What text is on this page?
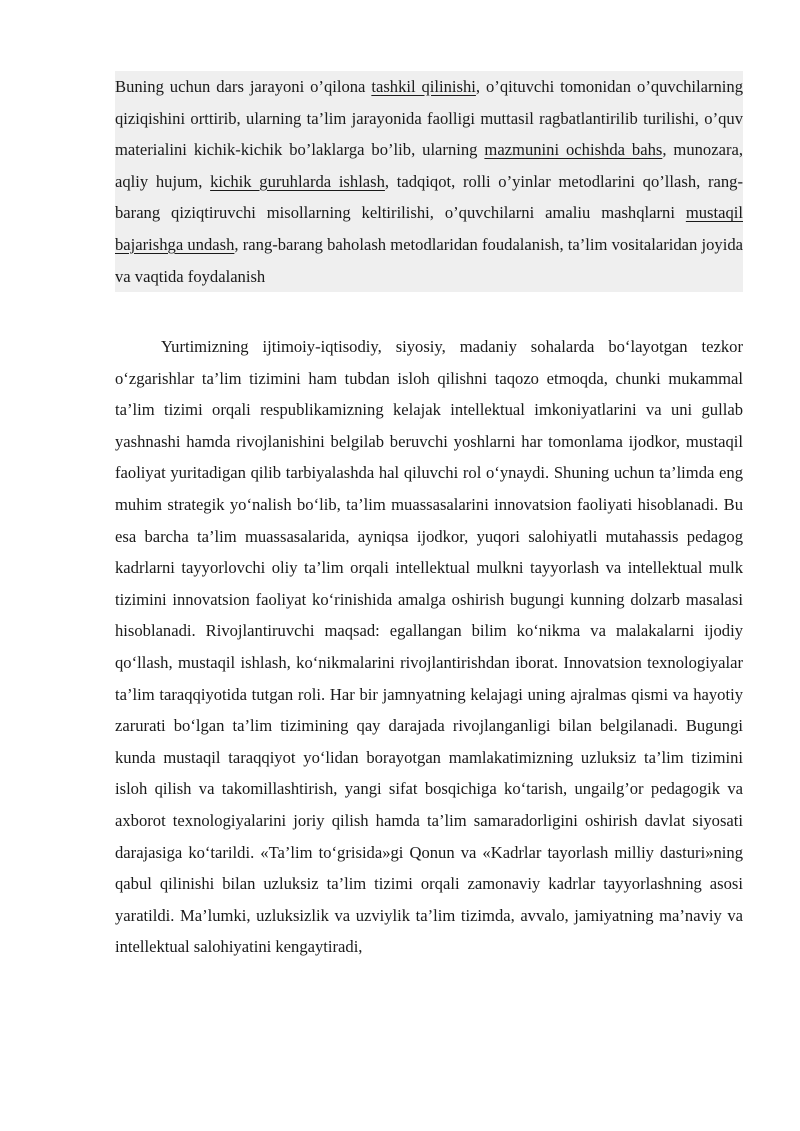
Buning uchun dars jarayoni o’qilona tashkil qilinishi, o’qituvchi tomonidan o’quvchilarning qiziqishini orttirib, ularning ta’lim jarayonida faolligi muttasil ragbatlantirilib turilishi, o’quv materialini kichik-kichik bo’laklarga bo’lib, ularning mazmunini ochishda bahs, munozara, aqliy hujum, kichik guruhlarda ishlash, tadqiqot, rolli o’yinlar metodlarini qo’llash, rang-barang qiziqtiruvchi misollarning keltirilishi, o’quvchilarni amaliu mashqlarni mustaqil bajarishga undash, rang-barang baholash metodlaridan foudalanish, ta’lim vositalaridan joyida va vaqtida foydalanish

Yurtimizning ijtimoiy-iqtisodiy, siyosiy, madaniy sohalarda bo‘layotgan tezkor o‘zgarishlar ta’lim tizimini ham tubdan isloh qilishni taqozo etmoqda, chunki mukammal ta’lim tizimi orqali respublikamizning kelajak intellektual imkoniyatlarini va uni gullab yashnashi hamda rivojlanishini belgilab beruvchi yoshlarni har tomonlama ijodkor, mustaqil faoliyat yuritadigan qilib tarbiyalashda hal qiluvchi rol o‘ynaydi. Shuning uchun ta’limda eng muhim strategik yo‘nalish bo‘lib, ta’lim muassasalarini innovatsion faoliyati hisoblanadi. Bu esa barcha ta’lim muassasalarida, ayniqsa ijodkor, yuqori salohiyatli mutahassis pedagog kadrlarni tayyorlovchi oliy ta’lim orqali intellektual mulkni tayyorlash va intellektual mulk tizimini innovatsion faoliyat ko‘rinishida amalga oshirish bugungi kunning dolzarb masalasi hisoblanadi. Rivojlantiruvchi maqsad: egallangan bilim ko‘nikma va malakalarni ijodiy qo‘llash, mustaqil ishlash, ko‘nikmalarini rivojlantirishdan iborat. Innovatsion texnologiyalar ta’lim taraqqiyotida tutgan roli. Har bir jamnyatning kelajagi uning ajralmas qismi va hayotiy zarurati bo‘lgan ta’lim tizimining qay darajada rivojlanganligi bilan belgilanadi. Bugungi kunda mustaqil taraqqiyot yo‘lidan borayotgan mamlakatimizning uzluksiz ta’lim tizimini isloh qilish va takomillashtirish, yangi sifat bosqichiga ko‘tarish, ungailg’or pedagogik va axborot texnologiyalarini joriy qilish hamda ta’lim samaradorligini oshirish davlat siyosati darajasiga ko‘tarildi. «Ta’lim to‘grisida»gi Qonun va «Kadrlar tayorlash milliy dasturi»ning qabul qilinishi bilan uzluksiz ta’lim tizimi orqali zamonaviy kadrlar tayyorlashning asosi yaratildi. Ma’lumki, uzluksizlik va uzviylik ta’lim tizimda, avvalo, jamiyatning ma’naviy va intellektual salohiyatini kengaytiradi,
